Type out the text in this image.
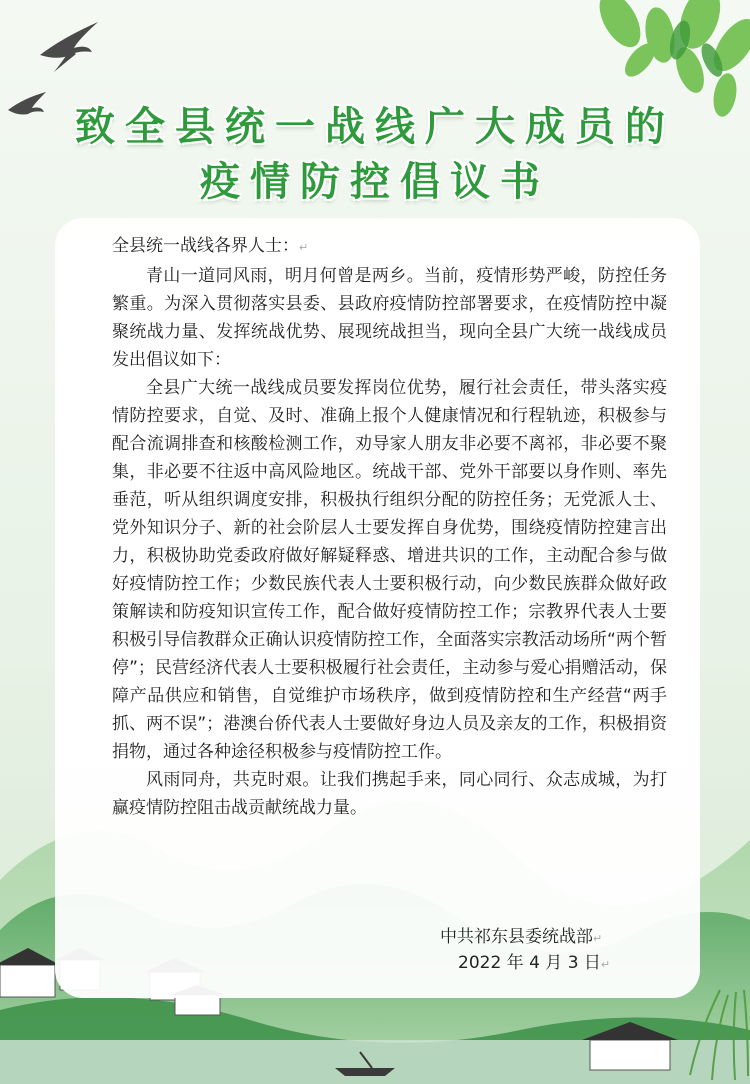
致全县统一战线广大成员的
疫情防控倡议书

全县统一战线各界人士：↵

青山一道同风雨，明月何曾是两乡。当前，疫情形势严峻，防控任务繁重。为深入贯彻落实县委、县政府疫情防控部署要求，在疫情防控中凝聚统战力量、发挥统战优势、展现统战担当，现向全县广大统一战线成员发出倡议如下：

全县广大统一战线成员要发挥岗位优势，履行社会责任，带头落实疫情防控要求，自觉、及时、准确上报个人健康情况和行程轨迹，积极参与配合流调排查和核酸检测工作，劝导家人朋友非必要不离祁，非必要不聚集，非必要不往返中高风险地区。统战干部、党外干部要以身作则、率先垂范，听从组织调度安排，积极执行组织分配的防控任务；无党派人士、党外知识分子、新的社会阶层人士要发挥自身优势，围绕疫情防控建言出力，积极协助党委政府做好解疑释惑、增进共识的工作，主动配合参与做好疫情防控工作；少数民族代表人士要积极行动，向少数民族群众做好政策解读和防疫知识宣传工作，配合做好疫情防控工作；宗教界代表人士要积极引导信教群众正确认识疫情防控工作，全面落实宗教活动场所“两个暂停”；民营经济代表人士要积极履行社会责任，主动参与爱心捐赠活动，保障产品供应和销售，自觉维护市场秩序，做到疫情防控和生产经营“两手抓、两不误”；港澳台侨代表人士要做好身边人员及亲友的工作，积极捐资捐物，通过各种途径积极参与疫情防控工作。

风雨同舟，共克时艰。让我们携起手来，同心同行、众志成城，为打赢疫情防控阻击战贡献统战力量。

中共祁东县委统战部↵
2022 年 4 月 3 日↵
